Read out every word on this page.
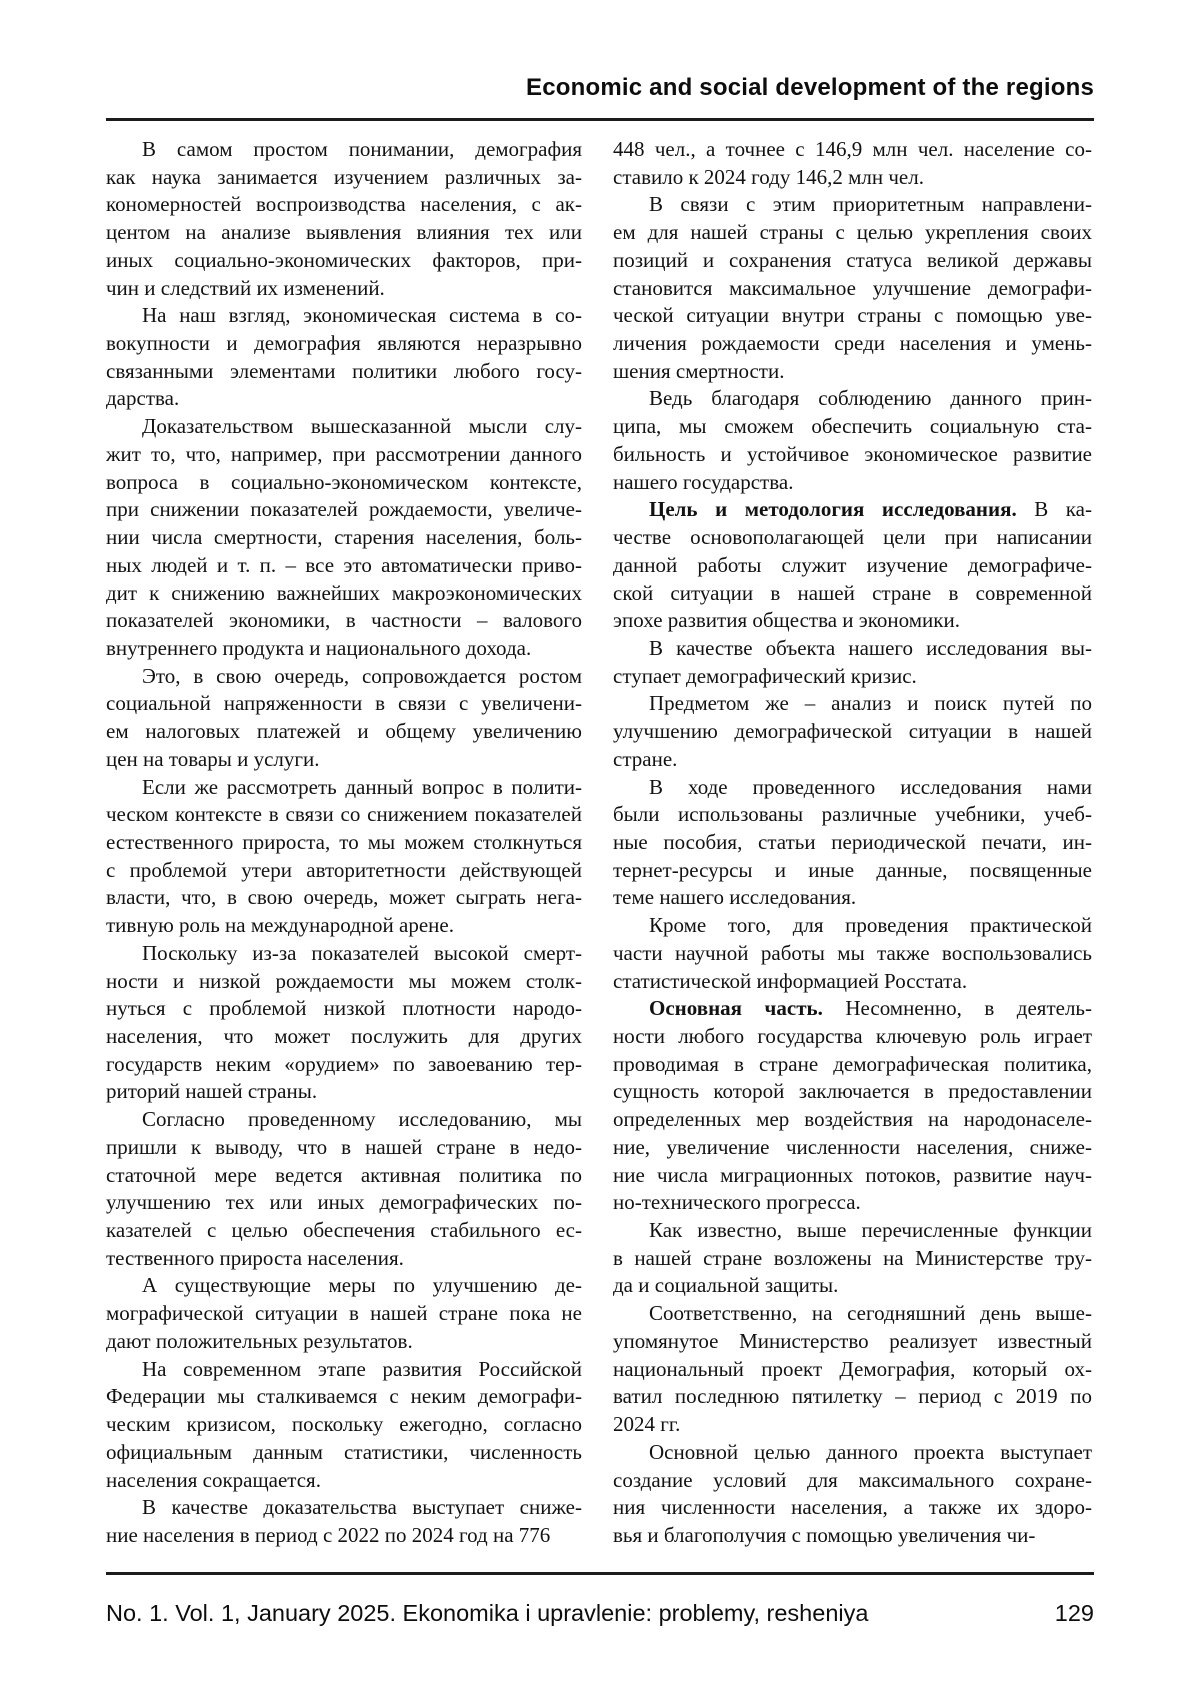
Economic and social development of the regions
В самом простом понимании, демография
как наука занимается изучением различных за-
кономерностей воспроизводства населения, с ак-
центом на анализе выявления влияния тех или
иных социально-экономических факторов, при-
чин и следствий их изменений.
На наш взгляд, экономическая система в со-
вокупности и демография являются неразрывно
связанными элементами политики любого госу-
дарства.
Доказательством вышесказанной мысли слу-
жит то, что, например, при рассмотрении данного
вопроса в социально-экономическом контексте,
при снижении показателей рождаемости, увеличе-
нии числа смертности, старения населения, боль-
ных людей и т. п. – все это автоматически приво-
дит к снижению важнейших макроэкономических
показателей экономики, в частности – валового
внутреннего продукта и национального дохода.
Это, в свою очередь, сопровождается ростом
социальной напряженности в связи с увеличени-
ем налоговых платежей и общему увеличению
цен на товары и услуги.
Если же рассмотреть данный вопрос в полити-
ческом контексте в связи со снижением показателей
естественного прироста, то мы можем столкнуться
с проблемой утери авторитетности действующей
власти, что, в свою очередь, может сыграть нега-
тивную роль на международной арене.
Поскольку из-за показателей высокой смерт-
ности и низкой рождаемости мы можем столк-
нуться с проблемой низкой плотности народо-
населения, что может послужить для других
государств неким «орудием» по завоеванию тер-
риторий нашей страны.
Согласно проведенному исследованию, мы
пришли к выводу, что в нашей стране в недо-
статочной мере ведется активная политика по
улучшению тех или иных демографических по-
казателей с целью обеспечения стабильного ес-
тественного прироста населения.
А существующие меры по улучшению де-
мографической ситуации в нашей стране пока не
дают положительных результатов.
На современном этапе развития Российской
Федерации мы сталкиваемся с неким демографи-
ческим кризисом, поскольку ежегодно, согласно
официальным данным статистики, численность
населения сокращается.
В качестве доказательства выступает сниже-
ние населения в период с 2022 по 2024 год на 776
448 чел., а точнее с 146,9 млн чел. население со-
ставило к 2024 году 146,2 млн чел.
В связи с этим приоритетным направлени-
ем для нашей страны с целью укрепления своих
позиций и сохранения статуса великой державы
становится максимальное улучшение демографи-
ческой ситуации внутри страны с помощью уве-
личения рождаемости среди населения и умень-
шения смертности.
Ведь благодаря соблюдению данного прин-
ципа, мы сможем обеспечить социальную ста-
бильность и устойчивое экономическое развитие
нашего государства.
Цель и методология исследования. В ка-
честве основополагающей цели при написании
данной работы служит изучение демографиче-
ской ситуации в нашей стране в современной
эпохе развития общества и экономики.
В качестве объекта нашего исследования вы-
ступает демографический кризис.
Предметом же – анализ и поиск путей по
улучшению демографической ситуации в нашей
стране.
В ходе проведенного исследования нами
были использованы различные учебники, учеб-
ные пособия, статьи периодической печати, ин-
тернет-ресурсы и иные данные, посвященные
теме нашего исследования.
Кроме того, для проведения практической
части научной работы мы также воспользовались
статистической информацией Росстата.
Основная часть. Несомненно, в деятель-
ности любого государства ключевую роль играет
проводимая в стране демографическая политика,
сущность которой заключается в предоставлении
определенных мер воздействия на народонаселе-
ние, увеличение численности населения, сниже-
ние числа миграционных потоков, развитие науч-
но-технического прогресса.
Как известно, выше перечисленные функции
в нашей стране возложены на Министерстве тру-
да и социальной защиты.
Соответственно, на сегодняшний день выше-
упомянутое Министерство реализует известный
национальный проект Демография, который ох-
ватил последнюю пятилетку – период с 2019 по
2024 гг.
Основной целью данного проекта выступает
создание условий для максимального сохране-
ния численности населения, а также их здоро-
вья и благополучия с помощью увеличения чи-
No. 1. Vol. 1, January 2025. Ekonomika i upravlenie: problemy, resheniya	129
